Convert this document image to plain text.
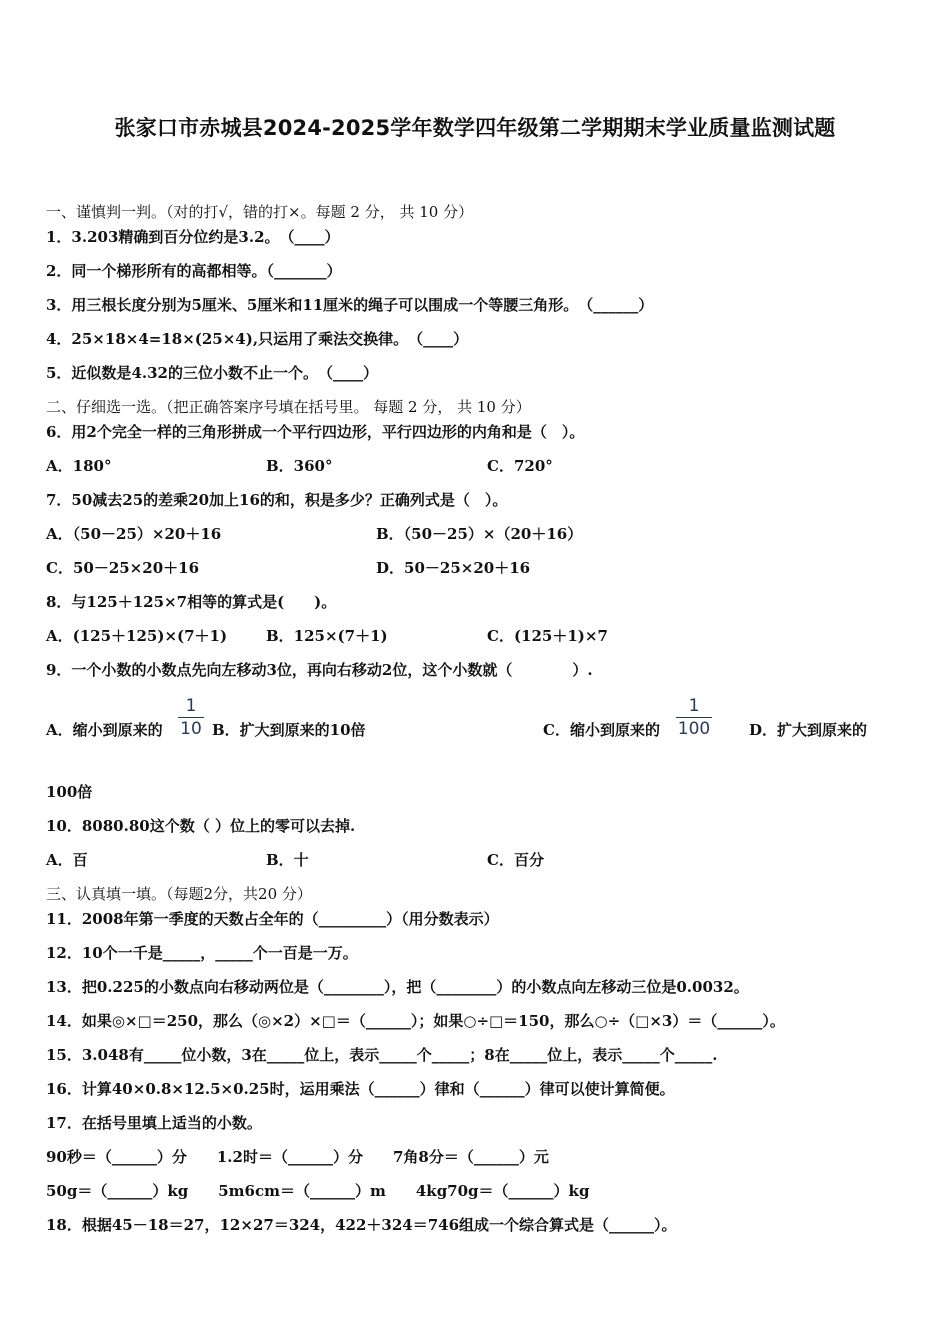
张家口市赤城县2024-2025学年数学四年级第二学期期末学业质量监测试题
一、谨慎判一判。（对的打√，错的打×。每题 2 分， 共 10 分）
1．3.203精确到百分位约是3.2。　（____）
2．同一个梯形所有的高都相等。（_______）
3．用三根长度分别为5厘米、5厘米和11厘米的绳子可以围成一个等腰三角形。　（______）
4．25×18×4=18×(25×4),只运用了乘法交换律。　（____）
5．近似数是4.32的三位小数不止一个。　（____）
二、仔细选一选。（把正确答案序号填在括号里。 每题 2 分， 共 10 分）
6．用2个完全一样的三角形拼成一个平行四边形，平行四边形的内角和是（　）。
A．180°	B．360°	C．720°
7．50减去25的差乘20加上16的和，积是多少？正确列式是（　）。
A．（50－25）×20＋16	B．（50－25）×（20＋16）
C．50－25×20＋16	D．50－25×20＋16
8．与125＋125×7相等的算式是(　　)。
A．(125＋125)×(7＋1)	B．125×(7＋1)	C．(125＋1)×7
9．一个小数的小数点先向左移动3位，再向右移动2位，这个小数就（　　　　）.
A．缩小到原来的
1
10 B．扩大到原来的10倍	C．缩小到原来的
1
100	D．扩大到原来的
100倍
10．8080.80这个数（ ）位上的零可以去掉.
A．百	B．十	C．百分
三、认真填一填。（每题2分，共20 分）
11．2008年第一季度的天数占全年的（_________）（用分数表示）
12．10个一千是_____，_____个一百是一万。
13．把0.225的小数点向右移动两位是（________），把（________）的小数点向左移动三位是0.0032。
14．如果◎×□＝250，那么（◎×2）×□＝（______）；如果○÷□＝150，那么○÷（□×3）＝（______）。
15．3.048有_____位小数，3在_____位上，表示_____个_____；8在_____位上，表示_____个_____.
16．计算40×0.8×12.5×0.25时，运用乘法（______）律和（______）律可以使计算简便。
17．在括号里填上适当的小数。
90秒＝（______）分　　1.2时＝（______）分　　7角8分＝（______）元
50g＝（______）kg　　5m6cm＝（______）m　　4kg70g＝（______）kg
18．根据45－18＝27，12×27＝324，422＋324＝746组成一个综合算式是（______）。
